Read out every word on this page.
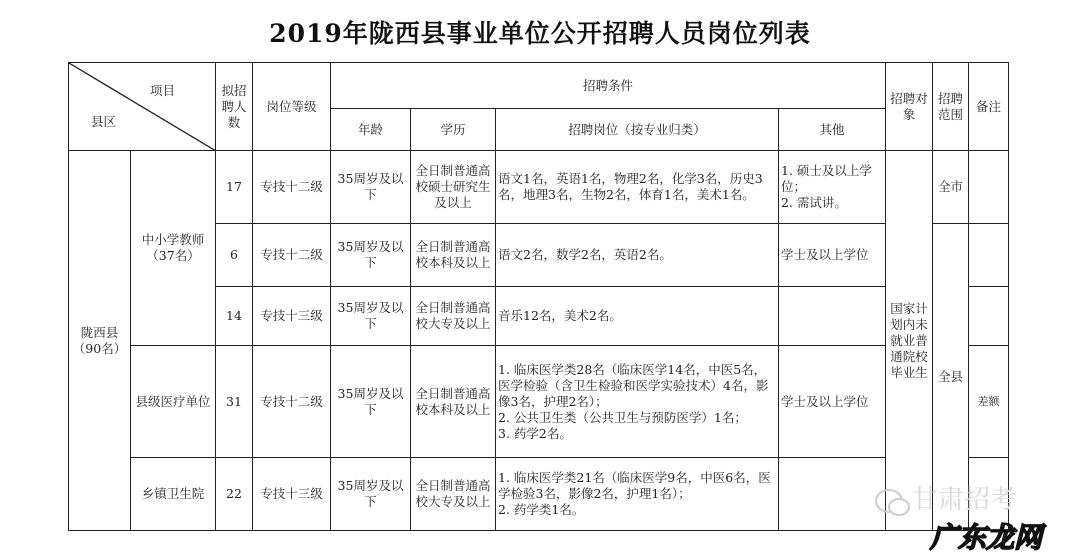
2019年陇西县事业单位公开招聘人员岗位列表
项目
县区		拟招聘人数	岗位等级	招聘条件				招聘对象	招聘范围	备注
				年龄	学历	招聘岗位（按专业归类）	其他			
陇西县（90名）	中小学教师（37名）	17	专技十二级	35周岁及以下	全日制普通高校硕士研究生及以上	语文1名，英语1名，物理2名，化学3名，历史3名，地理3名，生物2名，体育1名，美术1名。	1. 硕士及以上学位；
2. 需试讲。	国家计划内未就业普通院校毕业生	全市	
		6	专技十二级	35周岁及以下	全日制普通高校本科及以上	语文2名，数学2名，英语2名。	学士及以上学位		全县	
		14	专技十三级	35周岁及以下	全日制普通高校大专及以上	音乐12名，美术2名。				
	县级医疗单位	31	专技十二级	35周岁及以下	全日制普通高校本科及以上	1. 临床医学类28名（临床医学14名，中医5名，医学检验（含卫生检验和医学实验技术）4名，影像3名，护理2名）；
2. 公共卫生类（公共卫生与预防医学）1名；
3. 药学2名。	学士及以上学位			差额
	乡镇卫生院	22	专技十三级	35周岁及以下	全日制普通高校大专及以上	1. 临床医学类21名（临床医学9名，中医6名，医学检验3名，影像2名，护理1名）；
2. 药学类1名。					甘肃招考
广东龙网
